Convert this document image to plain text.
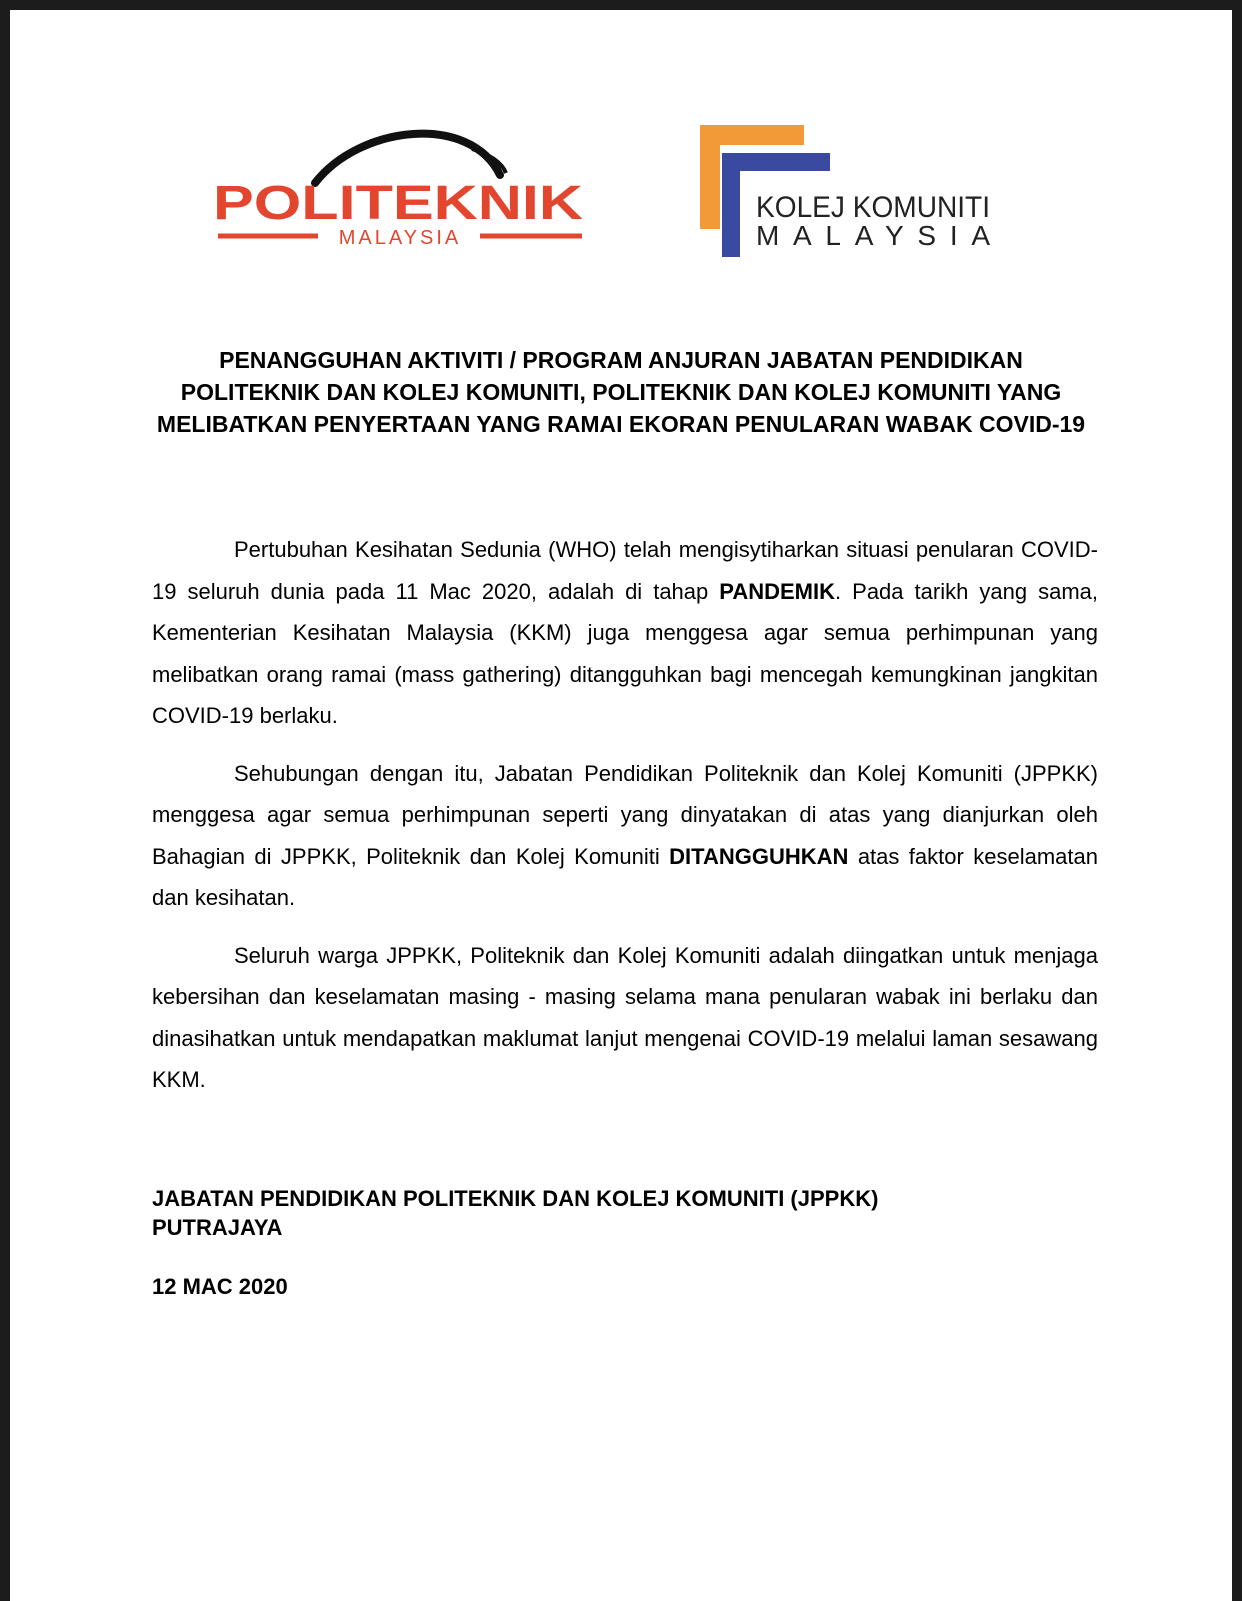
POLITEKNIK
MALAYSIA
KOLEJ KOMUNITI
MALAYSIA
PENANGGUHAN AKTIVITI / PROGRAM ANJURAN JABATAN PENDIDIKAN POLITEKNIK DAN KOLEJ KOMUNITI, POLITEKNIK DAN KOLEJ KOMUNITI YANG MELIBATKAN PENYERTAAN YANG RAMAI EKORAN PENULARAN WABAK COVID-19

Pertubuhan Kesihatan Sedunia (WHO) telah mengisytiharkan situasi penularan COVID-19 seluruh dunia pada 11 Mac 2020, adalah di tahap PANDEMIK. Pada tarikh yang sama, Kementerian Kesihatan Malaysia (KKM) juga menggesa agar semua perhimpunan yang melibatkan orang ramai (mass gathering) ditangguhkan bagi mencegah kemungkinan jangkitan COVID-19 berlaku.

Sehubungan dengan itu, Jabatan Pendidikan Politeknik dan Kolej Komuniti (JPPKK) menggesa agar semua perhimpunan seperti yang dinyatakan di atas yang dianjurkan oleh Bahagian di JPPKK, Politeknik dan Kolej Komuniti DITANGGUHKAN atas faktor keselamatan dan kesihatan.

Seluruh warga JPPKK, Politeknik dan Kolej Komuniti adalah diingatkan untuk menjaga kebersihan dan keselamatan masing - masing selama mana penularan wabak ini berlaku dan dinasihatkan untuk mendapatkan maklumat lanjut mengenai COVID-19 melalui laman sesawang KKM.

JABATAN PENDIDIKAN POLITEKNIK DAN KOLEJ KOMUNITI (JPPKK)
PUTRAJAYA

12 MAC 2020
